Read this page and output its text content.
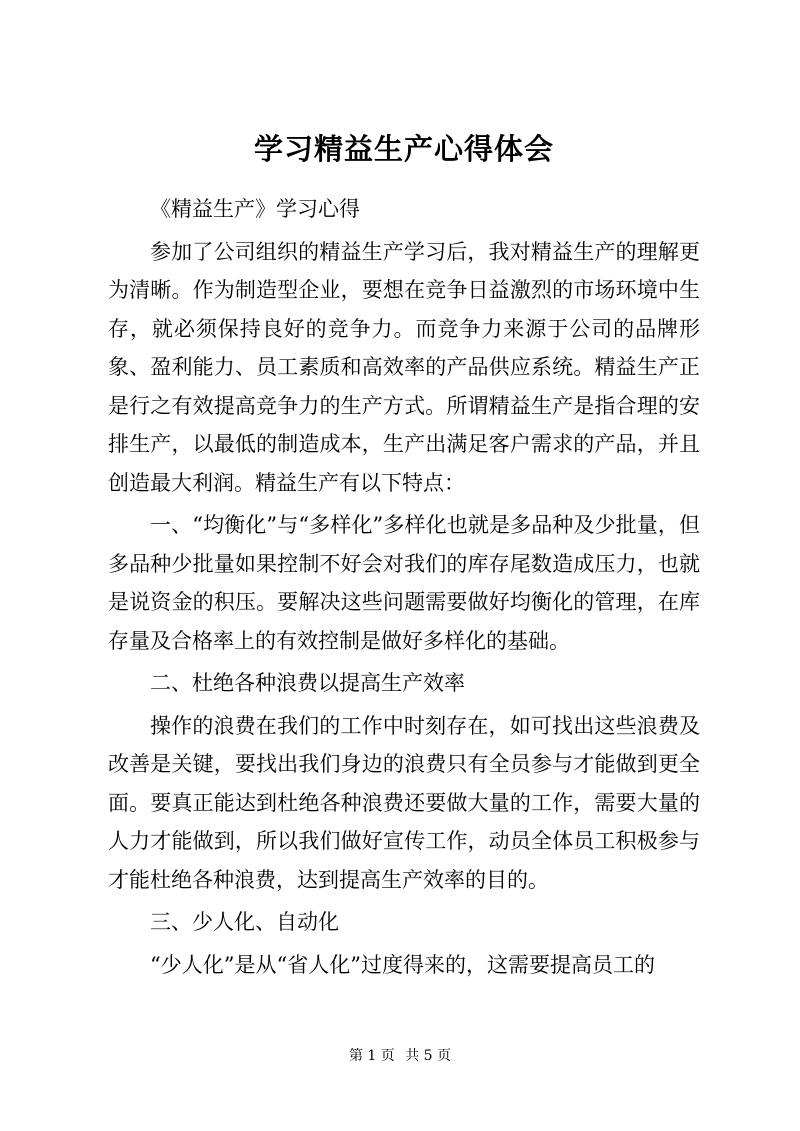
学习精益生产心得体会

《精益生产》学习心得

参加了公司组织的精益生产学习后，我对精益生产的理解更为清晰。作为制造型企业，要想在竞争日益激烈的市场环境中生存，就必须保持良好的竞争力。而竞争力来源于公司的品牌形象、盈利能力、员工素质和高效率的产品供应系统。精益生产正是行之有效提高竞争力的生产方式。所谓精益生产是指合理的安排生产，以最低的制造成本，生产出满足客户需求的产品，并且创造最大利润。精益生产有以下特点：

一、“均衡化”与“多样化”多样化也就是多品种及少批量，但多品种少批量如果控制不好会对我们的库存尾数造成压力，也就是说资金的积压。要解决这些问题需要做好均衡化的管理，在库存量及合格率上的有效控制是做好多样化的基础。

二、杜绝各种浪费以提高生产效率

操作的浪费在我们的工作中时刻存在，如可找出这些浪费及改善是关键，要找出我们身边的浪费只有全员参与才能做到更全面。要真正能达到杜绝各种浪费还要做大量的工作，需要大量的人力才能做到，所以我们做好宣传工作，动员全体员工积极参与才能杜绝各种浪费，达到提高生产效率的目的。

三、少人化、自动化

“少人化”是从“省人化”过度得来的，这需要提高员工的

第 1 页 共 5 页
